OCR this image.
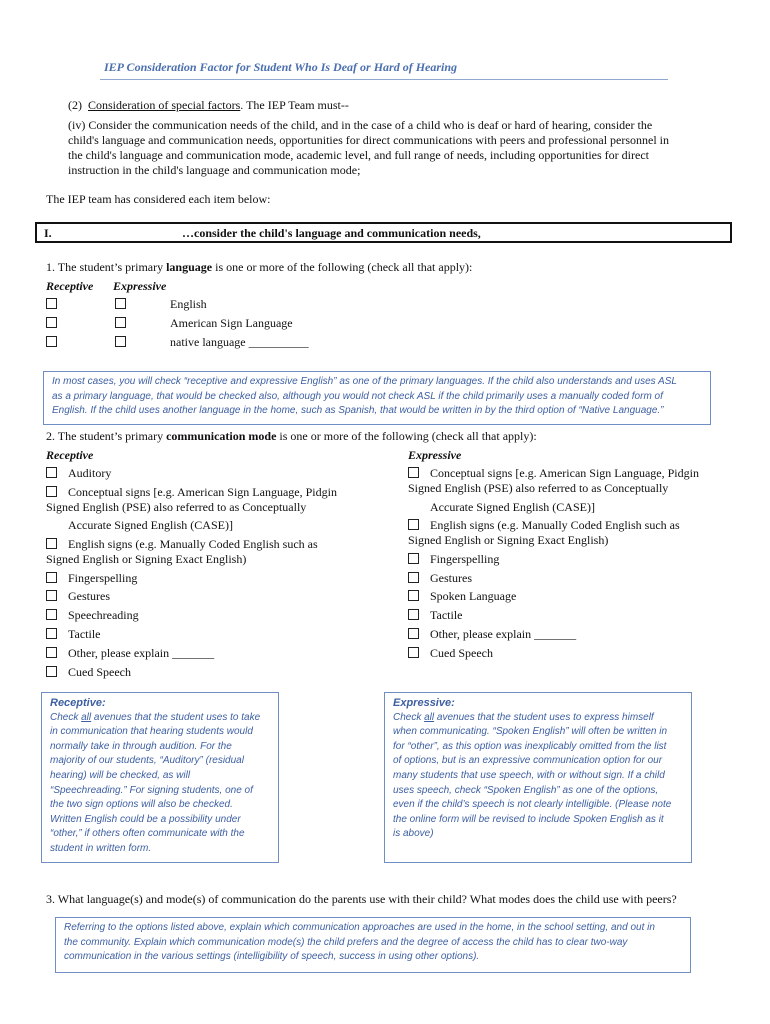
IEP Consideration Factor for Student Who Is Deaf or Hard of Hearing
(2) Consideration of special factors. The IEP Team must--
(iv) Consider the communication needs of the child, and in the case of a child who is deaf or hard of hearing, consider the
child's language and communication needs, opportunities for direct communications with peers and professional personnel in
the child's language and communication mode, academic level, and full range of needs, including opportunities for direct
instruction in the child's language and communication mode;
The IEP team has considered each item below:
I.	…consider the child's language and communication needs,
1. The student’s primary language is one or more of the following (check all that apply):
Receptive Expressive
English
American Sign Language
native language __________
In most cases, you will check “receptive and expressive English” as one of the primary languages. If the child also understands and uses ASL
as a primary language, that would be checked also, although you would not check ASL if the child primarily uses a manually coded form of
English. If the child uses another language in the home, such as Spanish, that would be written in by the third option of “Native Language.”
2. The student’s primary communication mode is one or more of the following (check all that apply):
Receptive	Expressive
Auditory
Conceptual signs [e.g. American Sign Language, Pidgin
Signed English (PSE) also referred to as Conceptually
Accurate Signed English (CASE)]
English signs (e.g. Manually Coded English such as
Signed English or Signing Exact English)
Fingerspelling
Gestures
Speechreading
Tactile
Other, please explain _______
Cued Speech
Conceptual signs [e.g. American Sign Language, Pidgin
Signed English (PSE) also referred to as Conceptually
Accurate Signed English (CASE)]
English signs (e.g. Manually Coded English such as
Signed English or Signing Exact English)
Fingerspelling
Gestures
Spoken Language
Tactile
Other, please explain _______
Cued Speech
Receptive:
Check all avenues that the student uses to take
in communication that hearing students would
normally take in through audition. For the
majority of our students, “Auditory” (residual
hearing) will be checked, as will
“Speechreading.” For signing students, one of
the two sign options will also be checked.
Written English could be a possibility under
“other,” if others often communicate with the
student in written form.
Expressive:
Check all avenues that the student uses to express himself
when communicating. “Spoken English” will often be written in
for “other”, as this option was inexplicably omitted from the list
of options, but is an expressive communication option for our
many students that use speech, with or without sign. If a child
uses speech, check “Spoken English” as one of the options,
even if the child’s speech is not clearly intelligible. (Please note
the online form will be revised to include Spoken English as it
is above)
3. What language(s) and mode(s) of communication do the parents use with their child? What modes does the child use with peers?
Referring to the options listed above, explain which communication approaches are used in the home, in the school setting, and out in
the community. Explain which communication mode(s) the child prefers and the degree of access the child has to clear two-way
communication in the various settings (intelligibility of speech, success in using other options).
